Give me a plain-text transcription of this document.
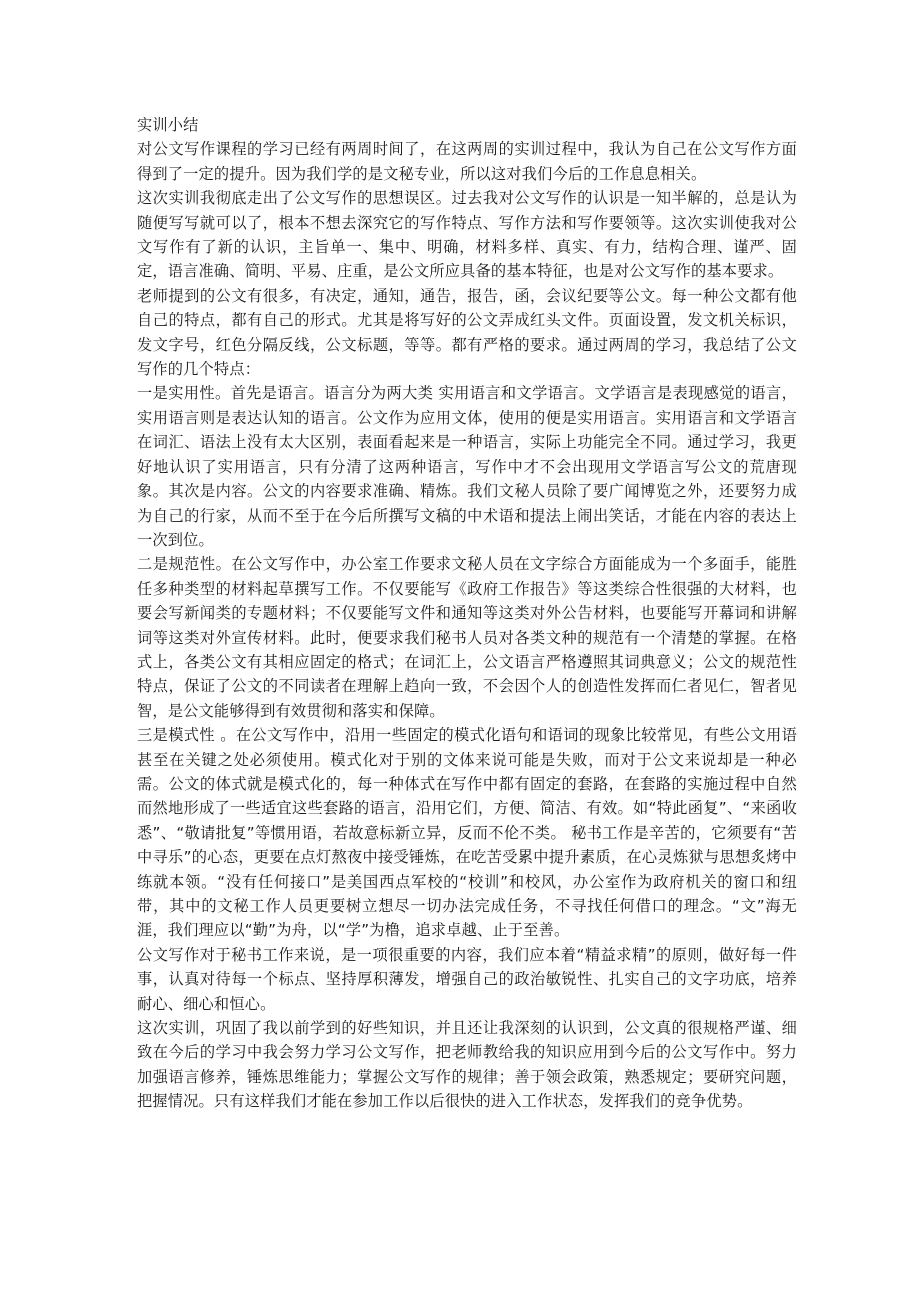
实训小结

对公文写作课程的学习已经有两周时间了，在这两周的实训过程中，我认为自己在公文写作方面得到了一定的提升。因为我们学的是文秘专业，所以这对我们今后的工作息息相关。

这次实训我彻底走出了公文写作的思想误区。过去我对公文写作的认识是一知半解的，总是认为随便写写就可以了，根本不想去深究它的写作特点、写作方法和写作要领等。这次实训使我对公文写作有了新的认识，主旨单一、集中、明确，材料多样、真实、有力，结构合理、谨严、固定，语言准确、简明、平易、庄重，是公文所应具备的基本特征，也是对公文写作的基本要求。

老师提到的公文有很多，有决定，通知，通告，报告，函，会议纪要等公文。每一种公文都有他自己的特点，都有自己的形式。尤其是将写好的公文弄成红头文件。页面设置，发文机关标识，发文字号，红色分隔反线，公文标题，等等。都有严格的要求。通过两周的学习，我总结了公文写作的几个特点：

一是实用性。首先是语言。语言分为两大类 实用语言和文学语言。文学语言是表现感觉的语言，实用语言则是表达认知的语言。公文作为应用文体，使用的便是实用语言。实用语言和文学语言在词汇、语法上没有太大区别，表面看起来是一种语言，实际上功能完全不同。通过学习，我更好地认识了实用语言，只有分清了这两种语言，写作中才不会出现用文学语言写公文的荒唐现象。其次是内容。公文的内容要求准确、精炼。我们文秘人员除了要广闻博览之外，还要努力成为自己的行家，从而不至于在今后所撰写文稿的中术语和提法上闹出笑话，才能在内容的表达上一次到位。

二是规范性。在公文写作中，办公室工作要求文秘人员在文字综合方面能成为一个多面手，能胜任多种类型的材料起草撰写工作。不仅要能写《政府工作报告》等这类综合性很强的大材料，也要会写新闻类的专题材料；不仅要能写文件和通知等这类对外公告材料，也要能写开幕词和讲解词等这类对外宣传材料。此时，便要求我们秘书人员对各类文种的规范有一个清楚的掌握。在格式上，各类公文有其相应固定的格式；在词汇上，公文语言严格遵照其词典意义；公文的规范性特点，保证了公文的不同读者在理解上趋向一致，不会因个人的创造性发挥而仁者见仁，智者见智，是公文能够得到有效贯彻和落实和保障。

三是模式性 。在公文写作中，沿用一些固定的模式化语句和语词的现象比较常见，有些公文用语甚至在关键之处必须使用。模式化对于别的文体来说可能是失败，而对于公文来说却是一种必需。公文的体式就是模式化的，每一种体式在写作中都有固定的套路，在套路的实施过程中自然而然地形成了一些适宜这些套路的语言，沿用它们，方便、简洁、有效。如“特此函复”、“来函收悉”、“敬请批复”等惯用语，若故意标新立异，反而不伦不类。 秘书工作是辛苦的，它须要有“苦中寻乐”的心态，更要在点灯熬夜中接受锤炼，在吃苦受累中提升素质，在心灵炼狱与思想炙烤中练就本领。“没有任何接口”是美国西点军校的“校训”和校风，办公室作为政府机关的窗口和纽带，其中的文秘工作人员更要树立想尽一切办法完成任务，不寻找任何借口的理念。“文”海无涯，我们理应以“勤”为舟，以“学”为橹，追求卓越、止于至善。

公文写作对于秘书工作来说，是一项很重要的内容，我们应本着“精益求精”的原则，做好每一件事，认真对待每一个标点、坚持厚积薄发，增强自己的政治敏锐性、扎实自己的文字功底，培养耐心、细心和恒心。

这次实训，巩固了我以前学到的好些知识，并且还让我深刻的认识到，公文真的很规格严谨、细致在今后的学习中我会努力学习公文写作，把老师教给我的知识应用到今后的公文写作中。努力加强语言修养，锤炼思维能力；掌握公文写作的规律；善于领会政策，熟悉规定；要研究问题，把握情况。只有这样我们才能在参加工作以后很快的进入工作状态，发挥我们的竞争优势。
